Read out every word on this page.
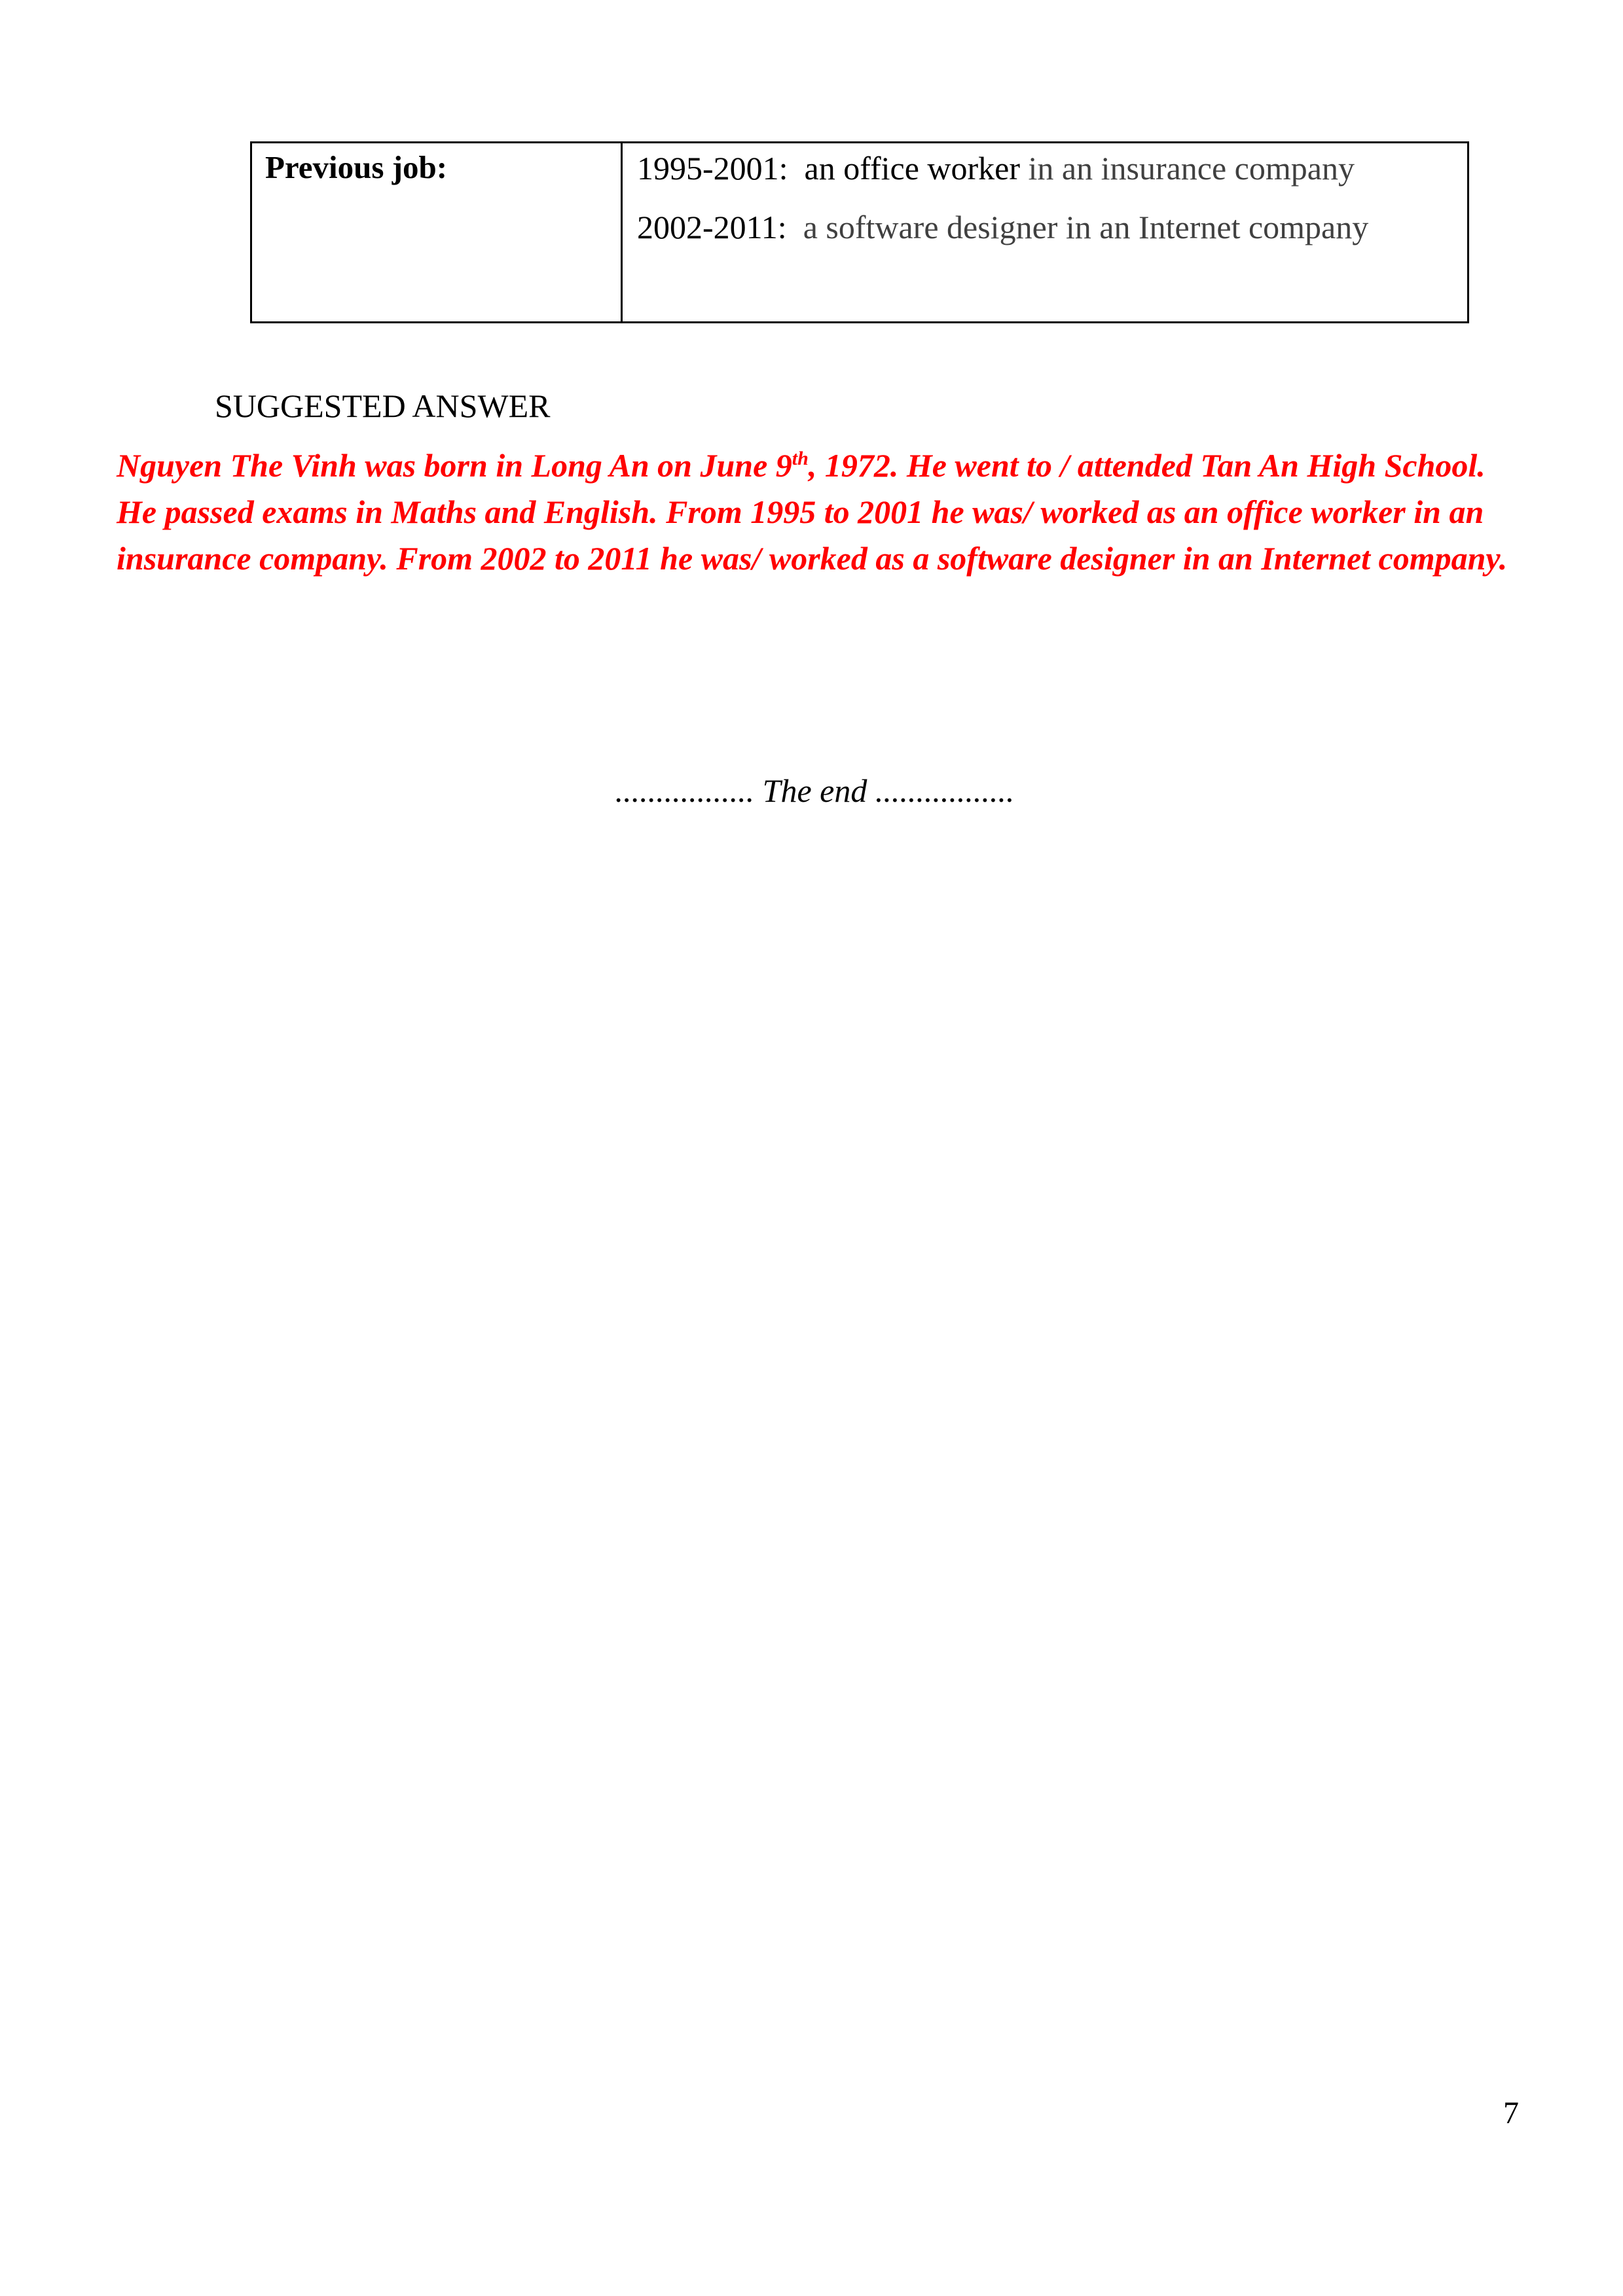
Previous job:	1995-2001: an office worker in an insurance company
2002-2011: a software designer in an Internet company
SUGGESTED ANSWER
Nguyen The Vinh was born in Long An on June 9th, 1972. He went to / attended Tan An High School. He passed exams in Maths and English. From 1995 to 2001 he was/ worked as an office worker in an insurance company. From 2002 to 2011 he was/ worked as a software designer in an Internet company.
................. The end .................
7
